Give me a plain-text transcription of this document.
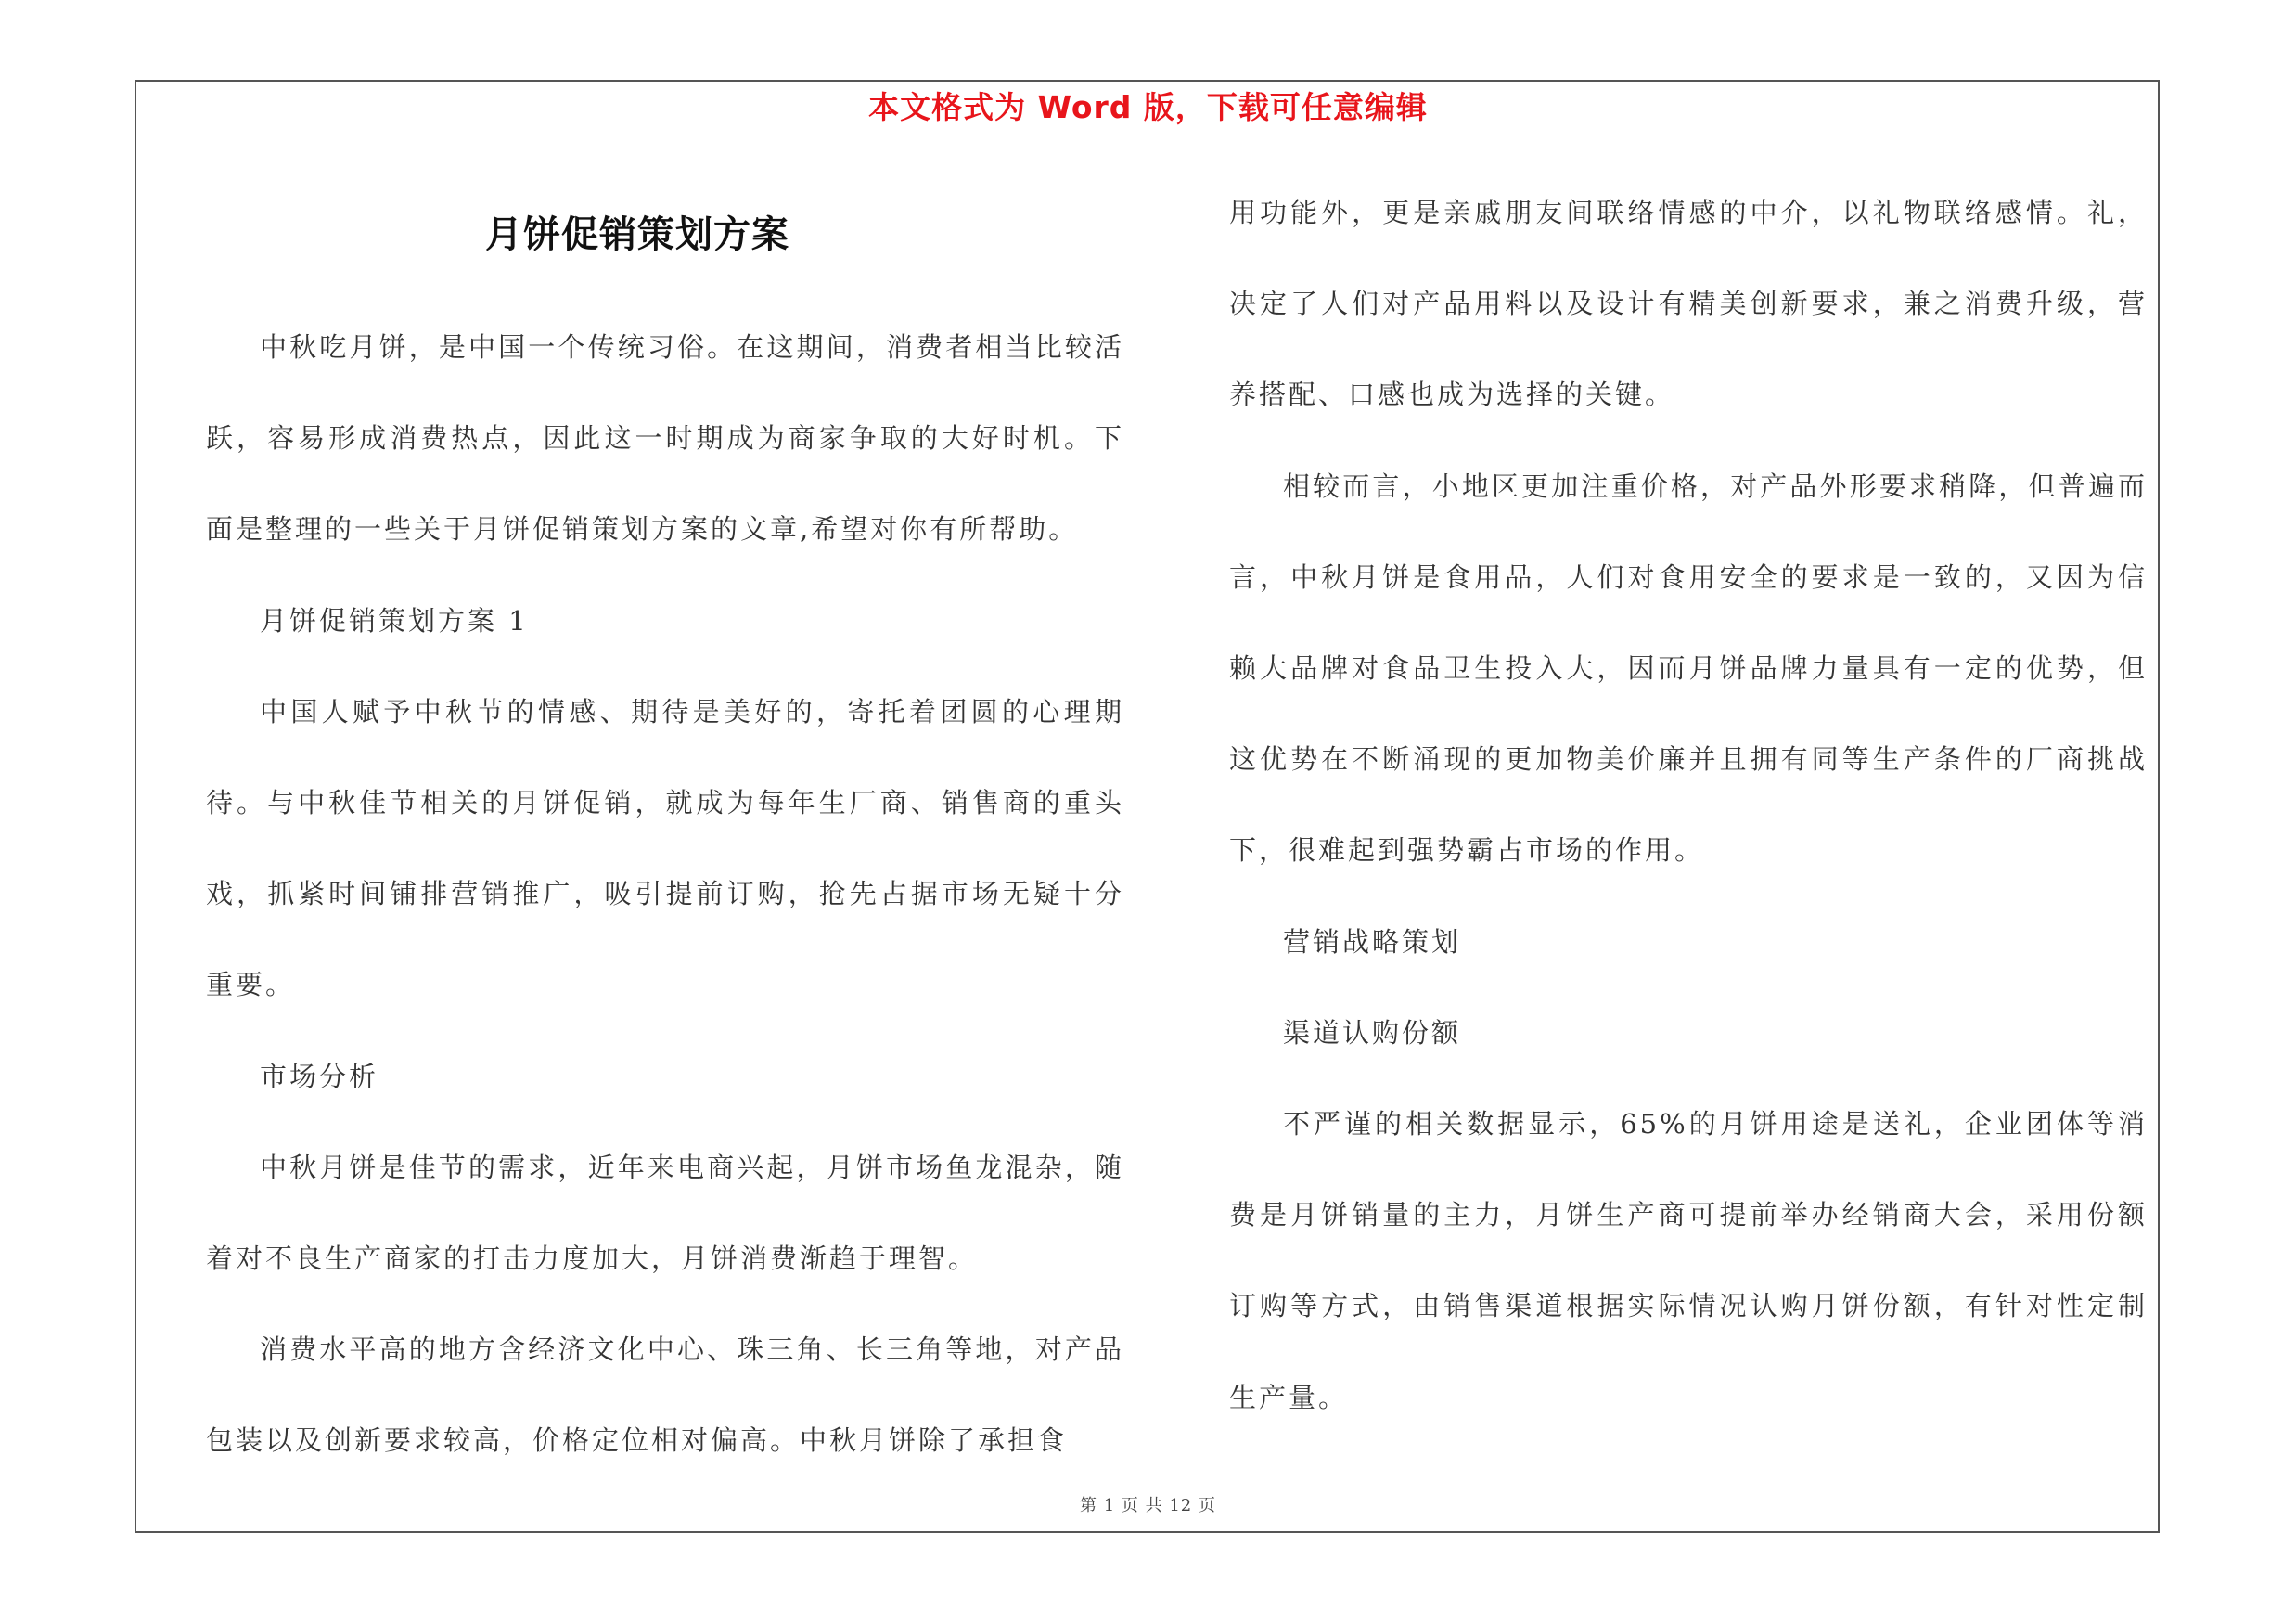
本文格式为 Word 版，下载可任意编辑
月饼促销策划方案

中秋吃月饼，是中国一个传统习俗。在这期间，消费者相当比较活跃，容易形成消费热点，因此这一时期成为商家争取的大好时机。下面是整理的一些关于月饼促销策划方案的文章,希望对你有所帮助。

月饼促销策划方案 1

中国人赋予中秋节的情感、期待是美好的，寄托着团圆的心理期待。与中秋佳节相关的月饼促销，就成为每年生厂商、销售商的重头戏，抓紧时间铺排营销推广，吸引提前订购，抢先占据市场无疑十分重要。

市场分析

中秋月饼是佳节的需求，近年来电商兴起，月饼市场鱼龙混杂，随着对不良生产商家的打击力度加大，月饼消费渐趋于理智。

消费水平高的地方含经济文化中心、珠三角、长三角等地，对产品包装以及创新要求较高，价格定位相对偏高。中秋月饼除了承担食

用功能外，更是亲戚朋友间联络情感的中介，以礼物联络感情。礼，决定了人们对产品用料以及设计有精美创新要求，兼之消费升级，营养搭配、口感也成为选择的关键。

相较而言，小地区更加注重价格，对产品外形要求稍降，但普遍而言，中秋月饼是食用品，人们对食用安全的要求是一致的，又因为信赖大品牌对食品卫生投入大，因而月饼品牌力量具有一定的优势，但这优势在不断涌现的更加物美价廉并且拥有同等生产条件的厂商挑战下，很难起到强势霸占市场的作用。

营销战略策划

渠道认购份额

不严谨的相关数据显示，65%的月饼用途是送礼，企业团体等消费是月饼销量的主力，月饼生产商可提前举办经销商大会，采用份额订购等方式，由销售渠道根据实际情况认购月饼份额，有针对性定制生产量。

第 1 页 共 12 页
